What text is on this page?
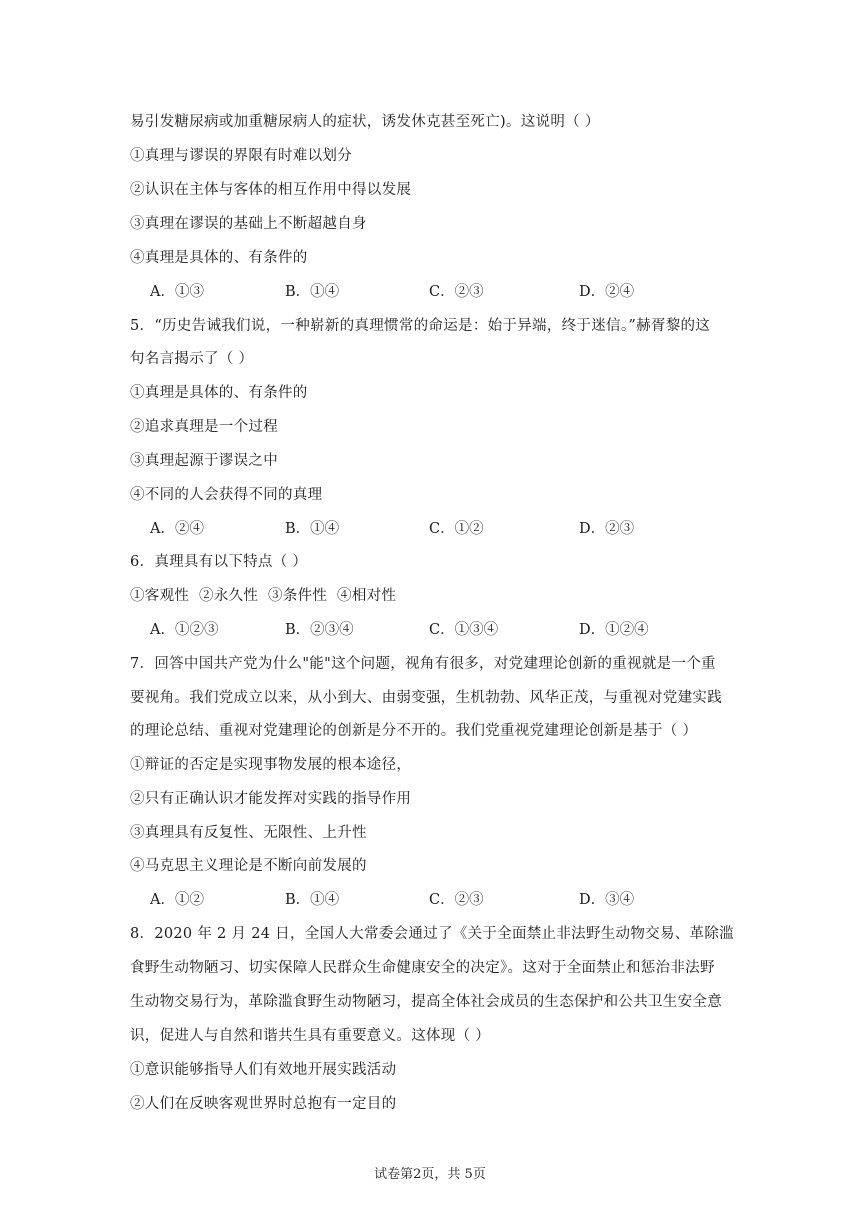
易引发糖尿病或加重糖尿病人的症状，诱发休克甚至死亡)。这说明（ ）
①真理与谬误的界限有时难以划分
②认识在主体与客体的相互作用中得以发展
③真理在谬误的基础上不断超越自身
④真理是具体的、有条件的
A．①③	B．①④	C．②③	D．②④
5．“历史告诫我们说，一种崭新的真理惯常的命运是：始于异端，终于迷信。”赫胥黎的这
句名言揭示了（ ）
①真理是具体的、有条件的
②追求真理是一个过程
③真理起源于谬误之中
④不同的人会获得不同的真理
A．②④	B．①④	C．①②	D．②③
6．真理具有以下特点（ ）
①客观性  ②永久性  ③条件性  ④相对性
A．①②③	B．②③④	C．①③④	D．①②④
7．回答中国共产党为什么"能"这个问题，视角有很多，对党建理论创新的重视就是一个重
要视角。我们党成立以来，从小到大、由弱变强，生机勃勃、风华正茂，与重视对党建实践
的理论总结、重视对党建理论的创新是分不开的。我们党重视党建理论创新是基于（ ）
①辩证的否定是实现事物发展的根本途径，
②只有正确认识才能发挥对实践的指导作用
③真理具有反复性、无限性、上升性
④马克思主义理论是不断向前发展的
A．①②	B．①④	C．②③	D．③④
8．2020 年 2 月 24 日，全国人大常委会通过了《关于全面禁止非法野生动物交易、革除滥
食野生动物陋习、切实保障人民群众生命健康安全的决定》。这对于全面禁止和惩治非法野
生动物交易行为，革除滥食野生动物陋习，提高全体社会成员的生态保护和公共卫生安全意
识，促进人与自然和谐共生具有重要意义。这体现（ ）
①意识能够指导人们有效地开展实践活动
②人们在反映客观世界时总抱有一定目的
试卷第2页，共 5页
